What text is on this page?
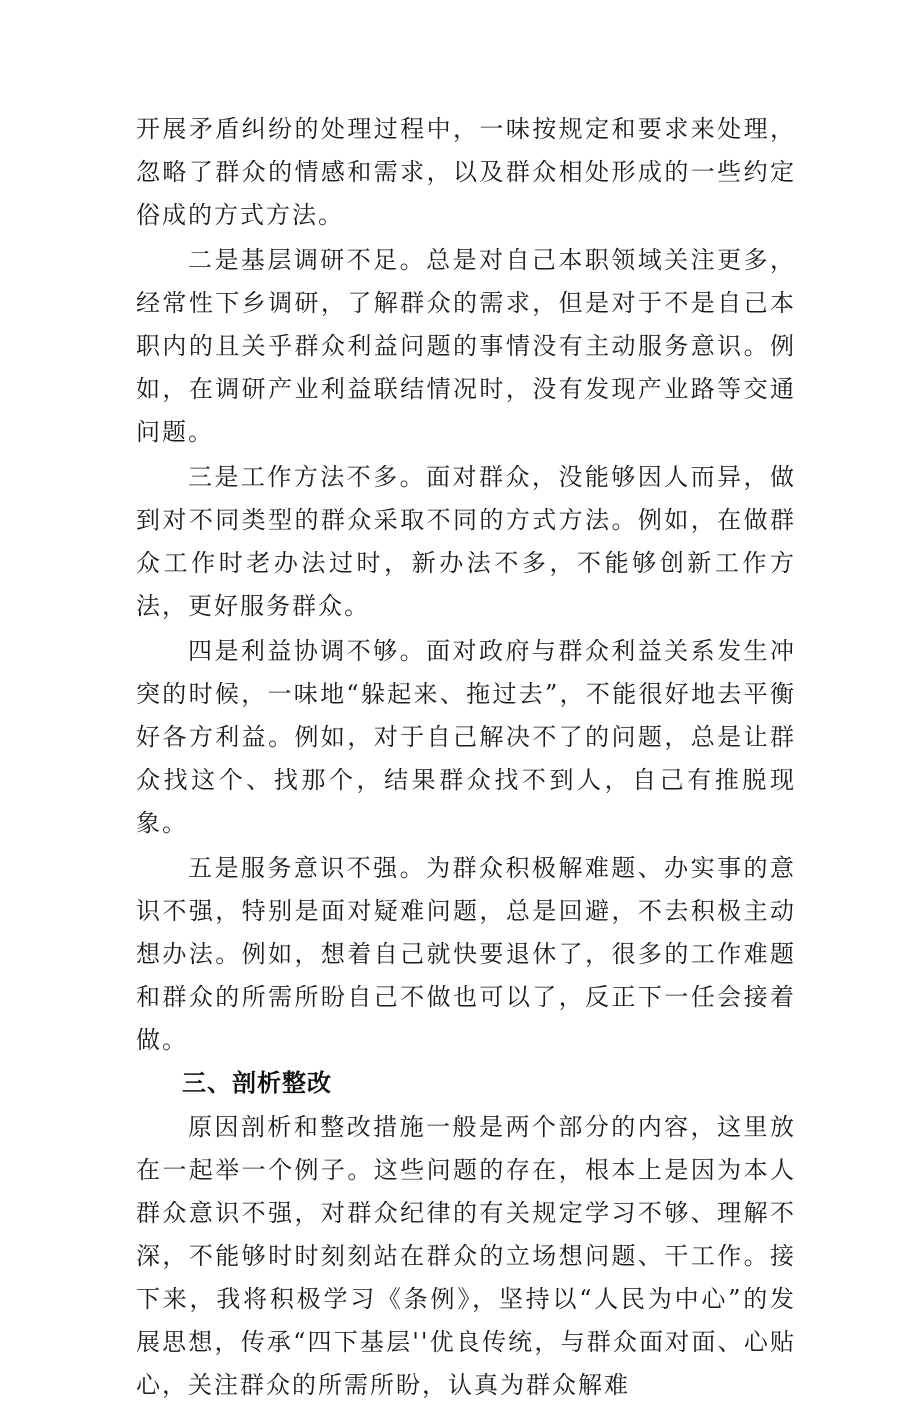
开展矛盾纠纷的处理过程中，一味按规定和要求来处理，忽略了群众的情感和需求，以及群众相处形成的一些约定俗成的方式方法。

二是基层调研不足。总是对自己本职领域关注更多，经常性下乡调研，了解群众的需求，但是对于不是自己本职内的且关乎群众利益问题的事情没有主动服务意识。例如，在调研产业利益联结情况时，没有发现产业路等交通问题。

三是工作方法不多。面对群众，没能够因人而异，做到对不同类型的群众采取不同的方式方法。例如，在做群众工作时老办法过时，新办法不多，不能够创新工作方法，更好服务群众。

四是利益协调不够。面对政府与群众利益关系发生冲突的时候，一味地“躲起来、拖过去”，不能很好地去平衡好各方利益。例如，对于自己解决不了的问题，总是让群众找这个、找那个，结果群众找不到人，自己有推脱现象。

五是服务意识不强。为群众积极解难题、办实事的意识不强，特别是面对疑难问题，总是回避，不去积极主动想办法。例如，想着自己就快要退休了，很多的工作难题和群众的所需所盼自己不做也可以了，反正下一任会接着做。

三、剖析整改

原因剖析和整改措施一般是两个部分的内容，这里放在一起举一个例子。这些问题的存在，根本上是因为本人群众意识不强，对群众纪律的有关规定学习不够、理解不深，不能够时时刻刻站在群众的立场想问题、干工作。接下来，我将积极学习《条例》，坚持以“人民为中心”的发展思想，传承“四下基层''优良传统，与群众面对面、心贴心，关注群众的所需所盼，认真为群众解难
